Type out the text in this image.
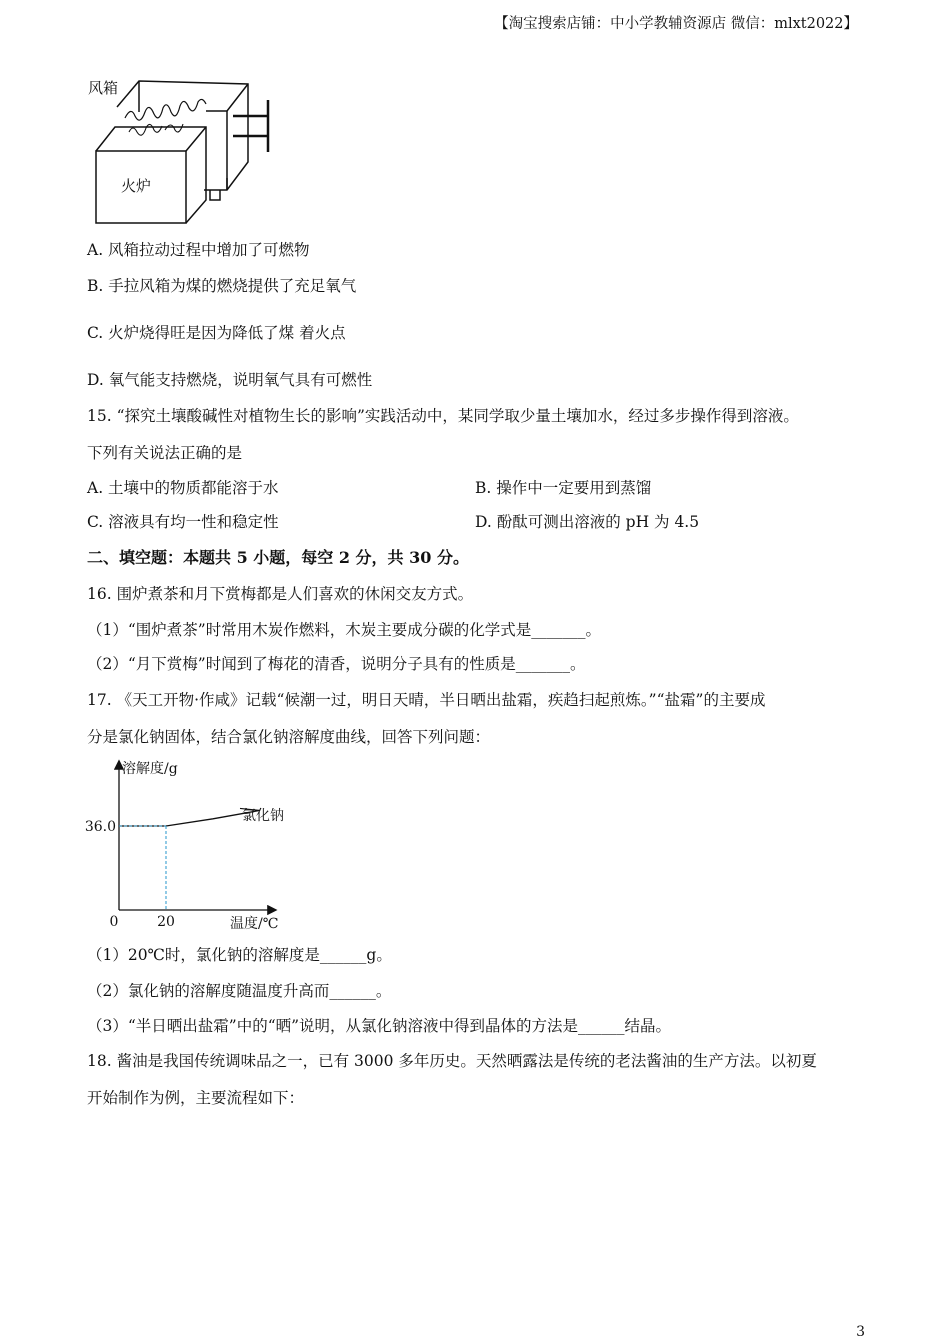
【淘宝搜索店铺：中小学教辅资源店 微信：mlxt2022】
风箱
火炉
A. 风箱拉动过程中增加了可燃物
B. 手拉风箱为煤的燃烧提供了充足氧气
C. 火炉烧得旺是因为降低了煤 着火点
D. 氧气能支持燃烧，说明氧气具有可燃性
15. “探究土壤酸碱性对植物生长的影响”实践活动中，某同学取少量土壤加水，经过多步操作得到溶液。
下列有关说法正确的是
A. 土壤中的物质都能溶于水	B. 操作中一定要用到蒸馏
C. 溶液具有均一性和稳定性	D. 酚酞可测出溶液的 pH 为 4.5
二、填空题：本题共 5 小题，每空 2 分，共 30 分。
16. 围炉煮茶和月下赏梅都是人们喜欢的休闲交友方式。
（1）“围炉煮茶”时常用木炭作燃料，木炭主要成分碳的化学式是_______。
（2）“月下赏梅”时闻到了梅花的清香，说明分子具有的性质是_______。
17. 《天工开物·作咸》记载“候潮一过，明日天晴，半日晒出盐霜，疾趋扫起煎炼。”“盐霜”的主要成
分是氯化钠固体，结合氯化钠溶解度曲线，回答下列问题：
溶解度/g
温度/℃
0	20
36.0
氯化钠
（1）20℃时，氯化钠的溶解度是______g。
（2）氯化钠的溶解度随温度升高而______。
（3）“半日晒出盐霜”中的“晒”说明，从氯化钠溶液中得到晶体的方法是______结晶。
18. 酱油是我国传统调味品之一，已有 3000 多年历史。天然晒露法是传统的老法酱油的生产方法。以初夏
开始制作为例，主要流程如下：
3
